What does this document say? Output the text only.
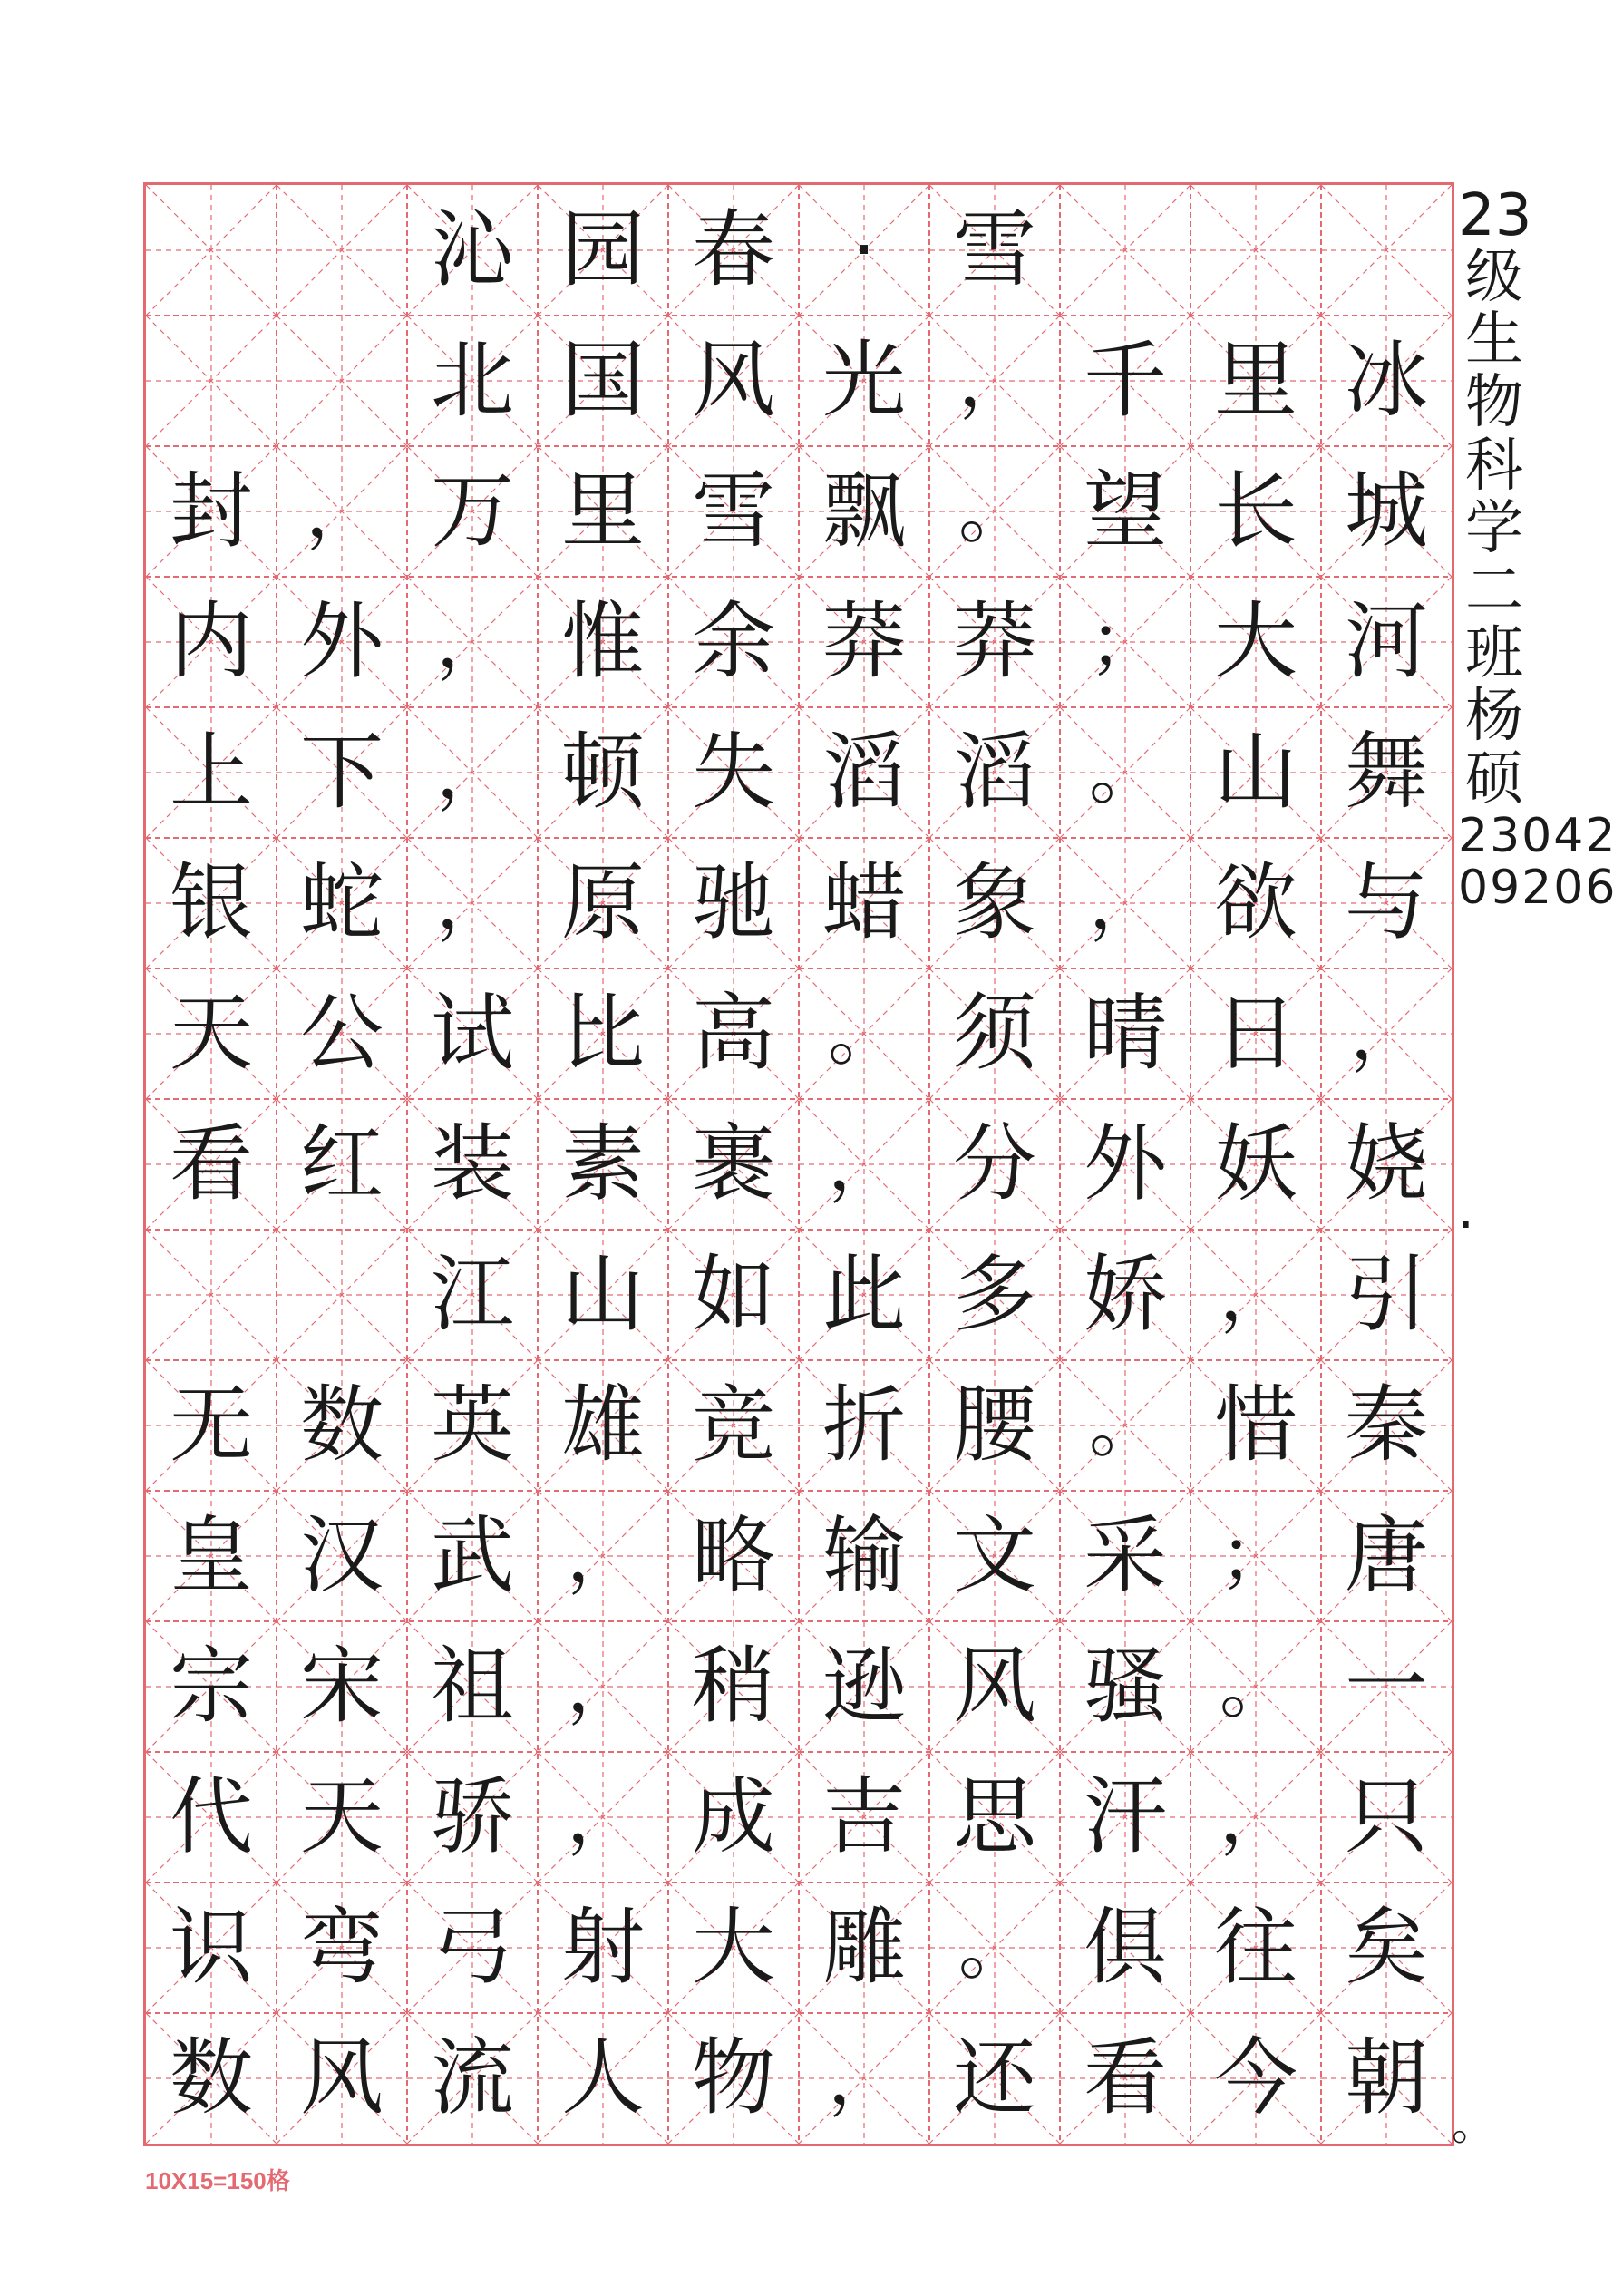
沁 园 春	· 雪
北 国 风 光 ， 千 里 冰
封 ， 万 里 雪 飘 。 望 长 城
内 外 ， 惟 余 莽 莽 ； 大 河
上 下 ， 顿 失 滔 滔 。 山 舞
银 蛇 ， 原 驰 蜡 象 ， 欲 与
天 公 试 比 高 。 须 晴 日 ，
看 红 装 素 裹 ， 分 外 妖 娆
江 山 如 此 多 娇 ， 引
无 数 英 雄 竞 折 腰 。 惜 秦
皇 汉 武 ， 略 输 文 采 ； 唐
宗 宋 祖 ， 稍 逊 风 骚 。 一
代 天 骄 ， 成 吉 思 汗 ， 只
识 弯 弓 射 大 雕 。 俱 往 矣
数 风 流 人 物 ， 还 看 今 朝
.
。
23
级
生
物
科
学
二
班
杨
硕
23042
09206
10X15=150格
